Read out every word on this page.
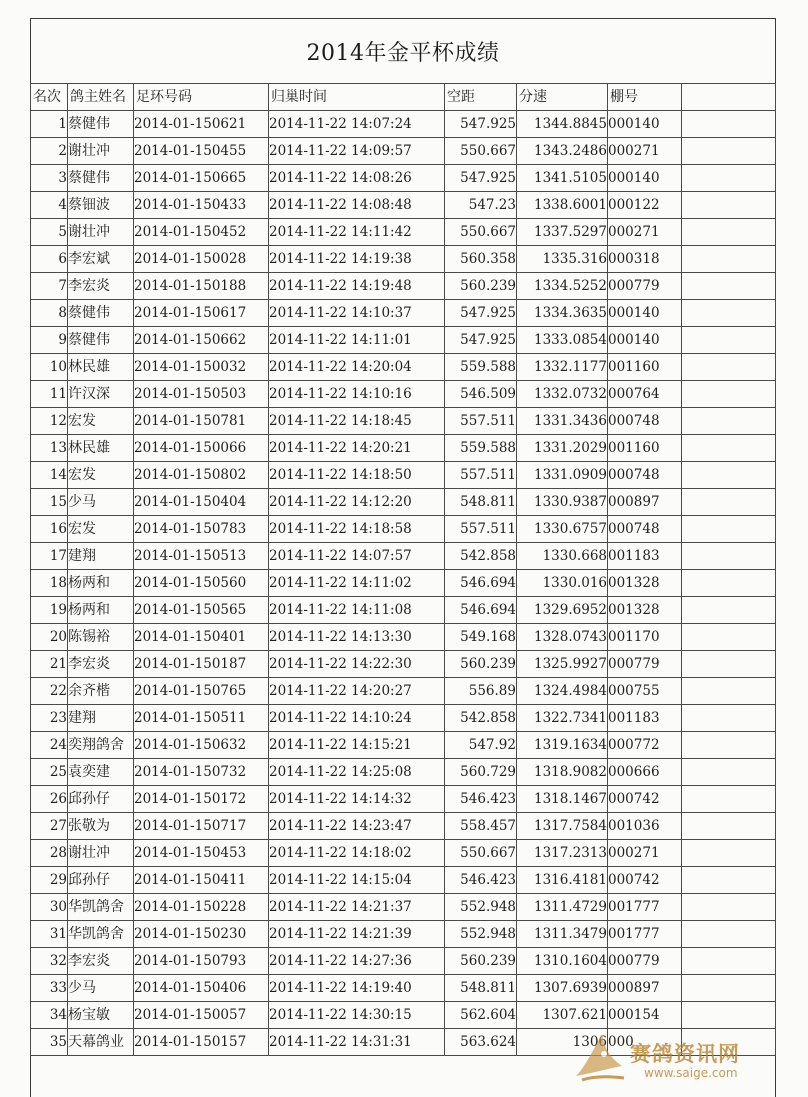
2014年金平杯成绩
名次	鸽主姓名	足环号码	归巢时间	空距	分速	棚号	
1	蔡健伟	2014-01-150621	2014-11-22 14:07:24	547.925	1344.8845	000140	
2	谢壮冲	2014-01-150455	2014-11-22 14:09:57	550.667	1343.2486	000271	
3	蔡健伟	2014-01-150665	2014-11-22 14:08:26	547.925	1341.5105	000140	
4	蔡钿波	2014-01-150433	2014-11-22 14:08:48	547.23	1338.6001	000122	
5	谢壮冲	2014-01-150452	2014-11-22 14:11:42	550.667	1337.5297	000271	
6	李宏斌	2014-01-150028	2014-11-22 14:19:38	560.358	1335.316	000318	
7	李宏炎	2014-01-150188	2014-11-22 14:19:48	560.239	1334.5252	000779	
8	蔡健伟	2014-01-150617	2014-11-22 14:10:37	547.925	1334.3635	000140	
9	蔡健伟	2014-01-150662	2014-11-22 14:11:01	547.925	1333.0854	000140	
10	林民雄	2014-01-150032	2014-11-22 14:20:04	559.588	1332.1177	001160	
11	许汉深	2014-01-150503	2014-11-22 14:10:16	546.509	1332.0732	000764	
12	宏发	2014-01-150781	2014-11-22 14:18:45	557.511	1331.3436	000748	
13	林民雄	2014-01-150066	2014-11-22 14:20:21	559.588	1331.2029	001160	
14	宏发	2014-01-150802	2014-11-22 14:18:50	557.511	1331.0909	000748	
15	少马	2014-01-150404	2014-11-22 14:12:20	548.811	1330.9387	000897	
16	宏发	2014-01-150783	2014-11-22 14:18:58	557.511	1330.6757	000748	
17	建翔	2014-01-150513	2014-11-22 14:07:57	542.858	1330.668	001183	
18	杨两和	2014-01-150560	2014-11-22 14:11:02	546.694	1330.016	001328	
19	杨两和	2014-01-150565	2014-11-22 14:11:08	546.694	1329.6952	001328	
20	陈锡裕	2014-01-150401	2014-11-22 14:13:30	549.168	1328.0743	001170	
21	李宏炎	2014-01-150187	2014-11-22 14:22:30	560.239	1325.9927	000779	
22	余齐楷	2014-01-150765	2014-11-22 14:20:27	556.89	1324.4984	000755	
23	建翔	2014-01-150511	2014-11-22 14:10:24	542.858	1322.7341	001183	
24	奕翔鸽舍	2014-01-150632	2014-11-22 14:15:21	547.92	1319.1634	000772	
25	袁奕建	2014-01-150732	2014-11-22 14:25:08	560.729	1318.9082	000666	
26	邱孙仔	2014-01-150172	2014-11-22 14:14:32	546.423	1318.1467	000742	
27	张敬为	2014-01-150717	2014-11-22 14:23:47	558.457	1317.7584	001036	
28	谢壮冲	2014-01-150453	2014-11-22 14:18:02	550.667	1317.2313	000271	
29	邱孙仔	2014-01-150411	2014-11-22 14:15:04	546.423	1316.4181	000742	
30	华凯鸽舍	2014-01-150228	2014-11-22 14:21:37	552.948	1311.4729	001777	
31	华凯鸽舍	2014-01-150230	2014-11-22 14:21:39	552.948	1311.3479	001777	
32	李宏炎	2014-01-150793	2014-11-22 14:27:36	560.239	1310.1604	000779	
33	少马	2014-01-150406	2014-11-22 14:19:40	548.811	1307.6939	000897	
34	杨宝敏	2014-01-150057	2014-11-22 14:30:15	562.604	1307.621	000154	
35	天幕鸽业	2014-01-150157	2014-11-22 14:31:31	563.624	1306	000	
赛鸽资讯网
www.saige.com
